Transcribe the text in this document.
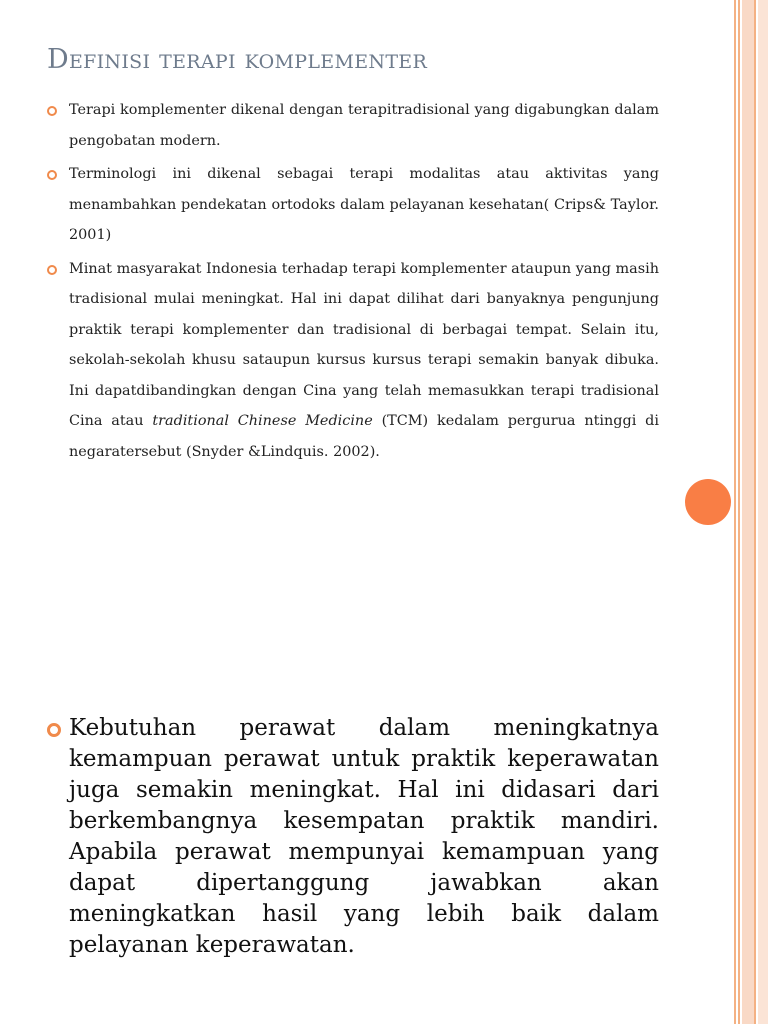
Definisi terapi komplementer
Terapi komplementer dikenal dengan terapitradisional yang digabungkan dalam pengobatan modern.
Terminologi ini dikenal sebagai terapi modalitas atau aktivitas yang menambahkan pendekatan ortodoks dalam pelayanan kesehatan( Crips& Taylor. 2001)
Minat masyarakat Indonesia terhadap terapi komplementer ataupun yang masih tradisional mulai meningkat. Hal ini dapat dilihat dari banyaknya pengunjung praktik terapi komplementer dan tradisional di berbagai tempat. Selain itu, sekolah-sekolah khusu sataupun kursus kursus terapi semakin banyak dibuka. Ini dapatdibandingkan dengan Cina yang telah memasukkan terapi tradisional Cina atau traditional Chinese Medicine (TCM) kedalam pergurua ntinggi di negaratersebut (Snyder &Lindquis. 2002).
Kebutuhan perawat dalam meningkatnya kemampuan perawat untuk praktik keperawatan juga semakin meningkat. Hal ini didasari dari berkembangnya kesempatan praktik mandiri. Apabila perawat mempunyai kemampuan yang dapat dipertanggung jawabkan akan meningkatkan hasil yang lebih baik dalam pelayanan keperawatan.
